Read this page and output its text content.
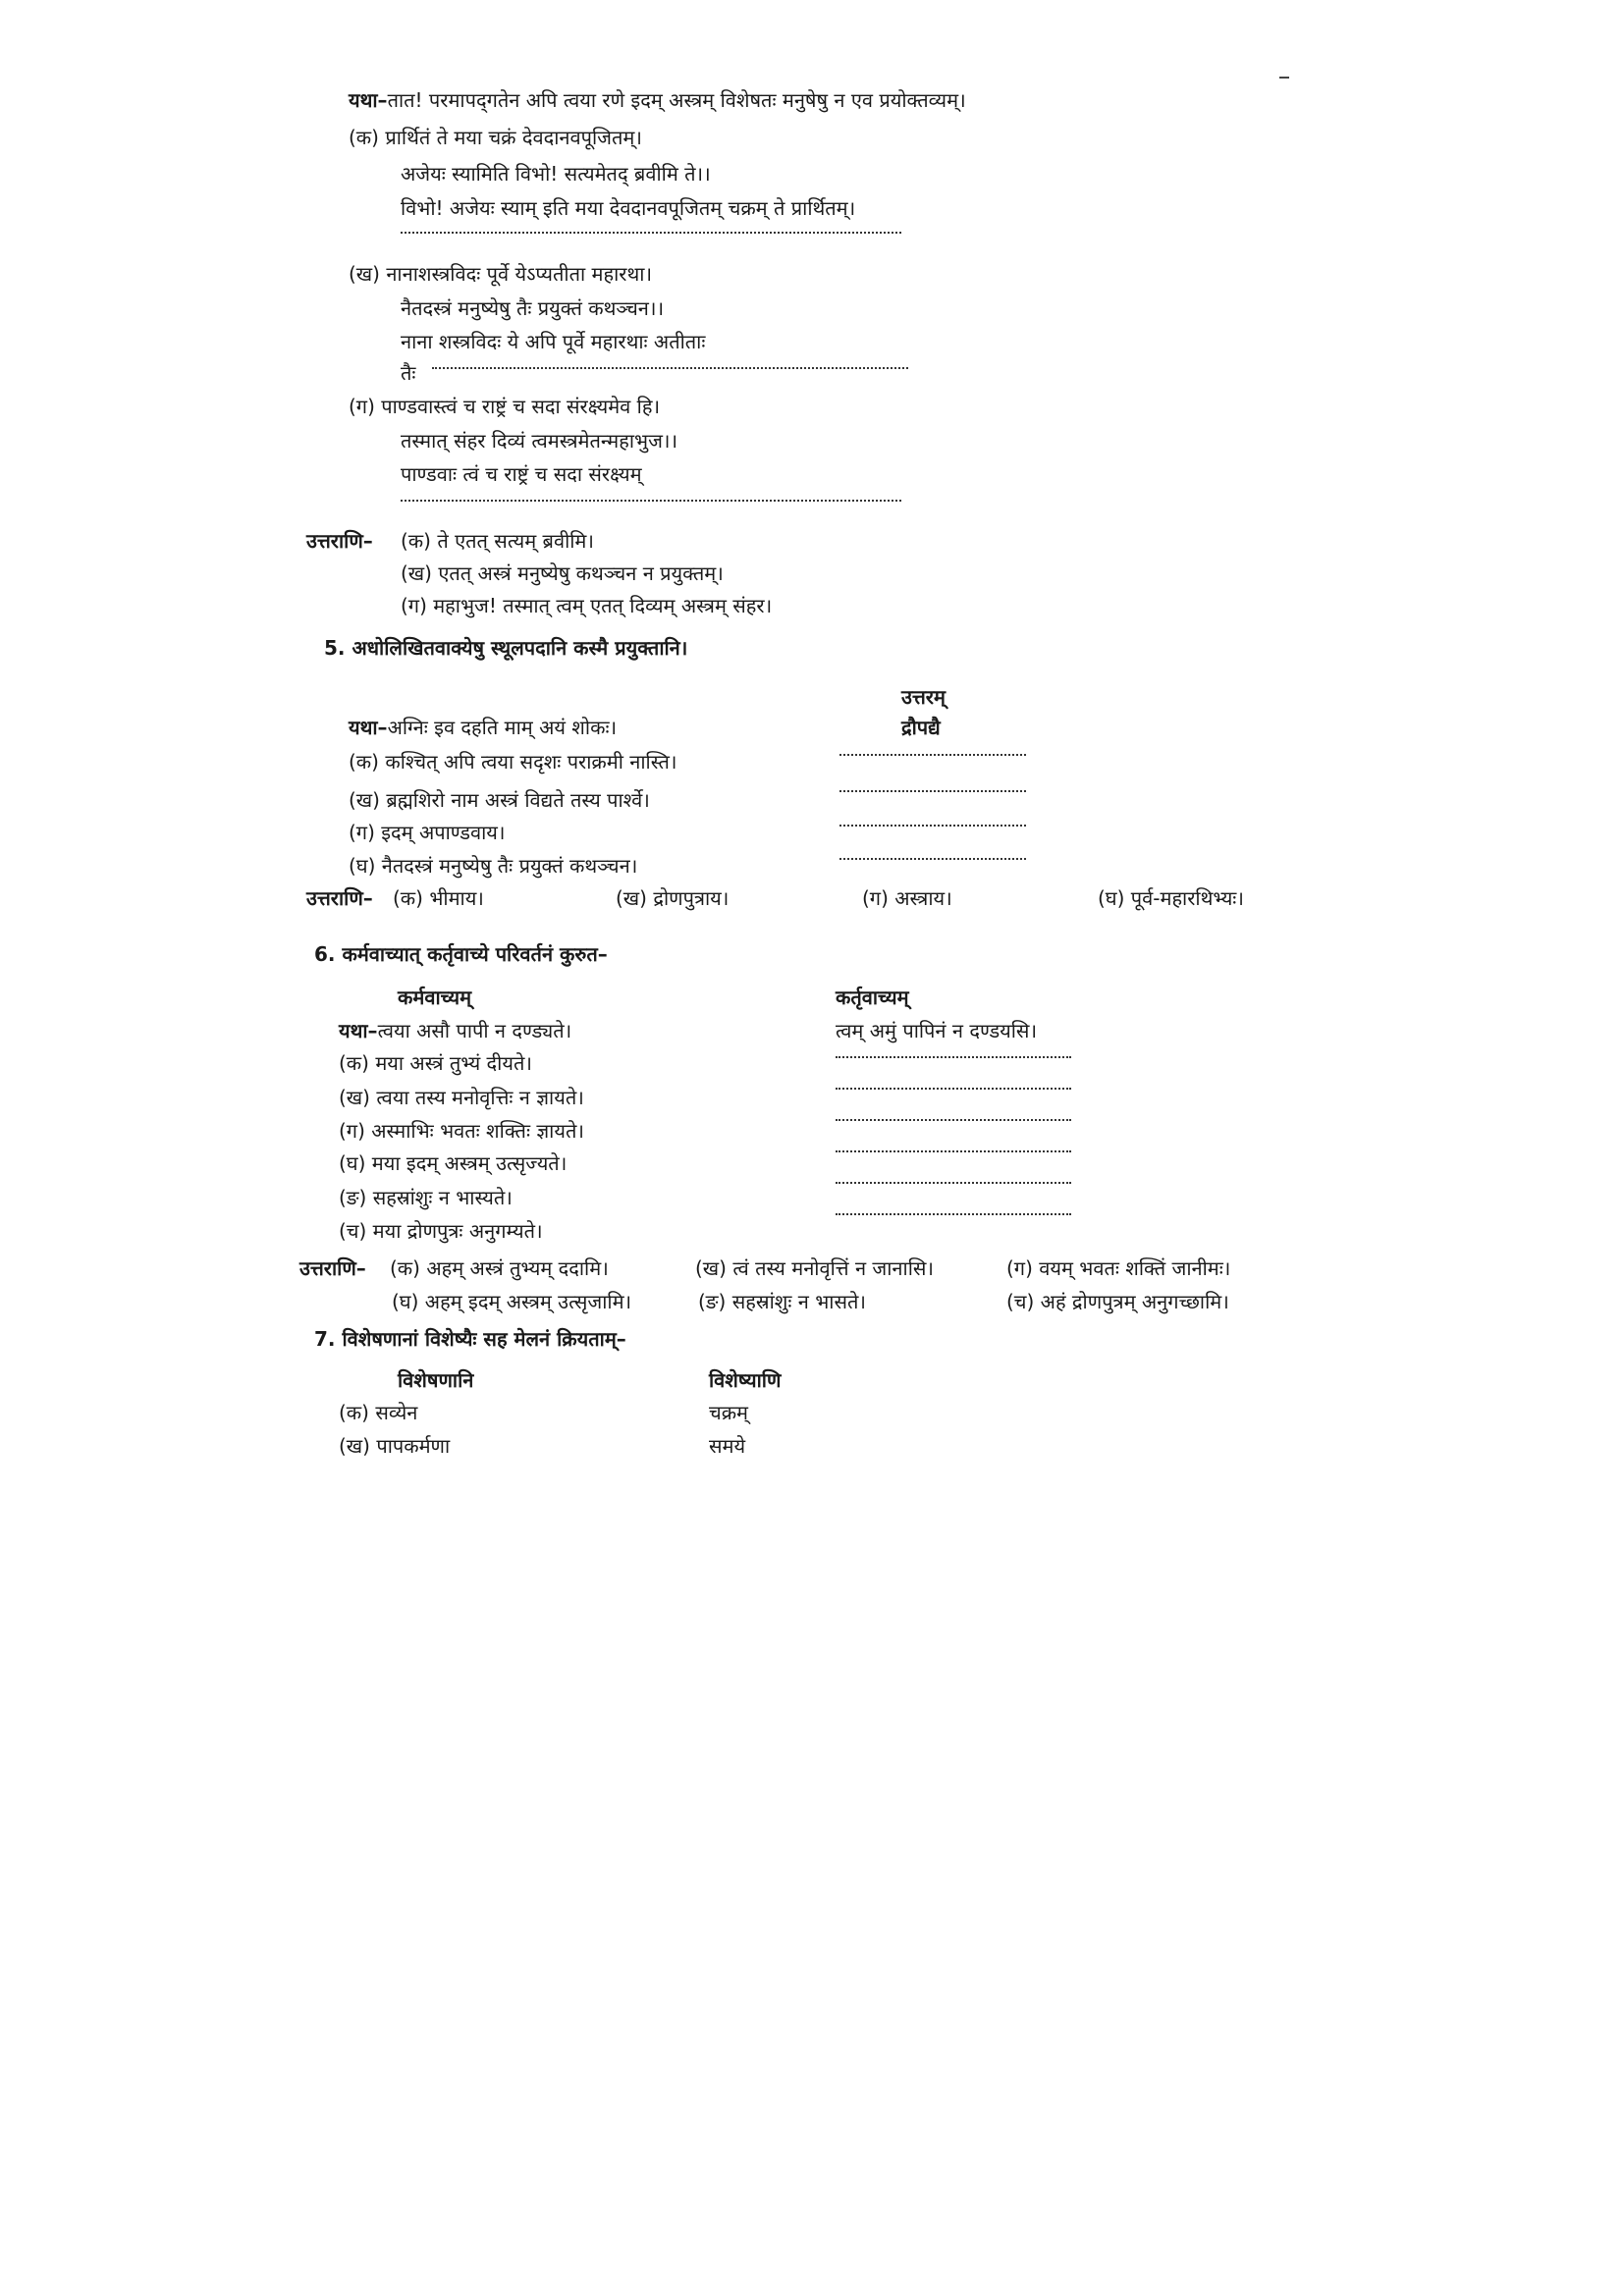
यथा–तात! परमापद्‌गतेन अपि त्वया रणे इदम् अस्त्रम् विशेषतः मनुषेषु न एव प्रयोक्तव्यम्।
(क) प्रार्थितं ते मया चक्रं देवदानवपूजितम्।
अजेयः स्यामिति विभो! सत्यमेतद् ब्रवीमि ते।।
विभो! अजेयः स्याम् इति मया देवदानवपूजितम् चक्रम् ते प्रार्थितम्।
(ख) नानाशस्त्रविदः पूर्वे येऽप्यतीता महारथा।
नैतदस्त्रं मनुष्येषु तैः प्रयुक्तं कथञ्चन।।
नाना शस्त्रविदः ये अपि पूर्वे महारथाः अतीताः
तैः
(ग) पाण्डवास्त्वं च राष्ट्रं च सदा संरक्ष्यमेव हि।
तस्मात् संहर दिव्यं त्वमस्त्रमेतन्महाभुज।।
पाण्डवाः त्वं च राष्ट्रं च सदा संरक्ष्यम्
उत्तराणि– (क) ते एतत् सत्यम् ब्रवीमि।
(ख) एतत् अस्त्रं मनुष्येषु कथञ्चन न प्रयुक्तम्।
(ग) महाभुज! तस्मात् त्वम् एतत् दिव्यम् अस्त्रम् संहर।
5. अधोलिखितवाक्येषु स्थूलपदानि कस्मै प्रयुक्तानि।
उत्तरम्
यथा–अग्निः इव दहति माम् अयं शोकः।	द्रौपद्यै
(क) कश्चित् अपि त्वया सदृशः पराक्रमी नास्ति।
(ख) ब्रह्मशिरो नाम अस्त्रं विद्यते तस्य पार्श्वे।
(ग) इदम् अपाण्डवाय।
(घ) नैतदस्त्रं मनुष्येषु तैः प्रयुक्तं कथञ्चन।
उत्तराणि– (क) भीमाय।	(ख) द्रोणपुत्राय।	(ग) अस्त्राय।	(घ) पूर्व-महारथिभ्यः।
6. कर्मवाच्यात् कर्तृवाच्ये परिवर्तनं कुरुत–
कर्मवाच्यम्	कर्तृवाच्यम्
यथा–त्वया असौ पापी न दण्ड्यते।	त्वम् अमुं पापिनं न दण्डयसि।
(क) मया अस्त्रं तुभ्यं दीयते।
(ख) त्वया तस्य मनोवृत्तिः न ज्ञायते।
(ग) अस्माभिः भवतः शक्तिः ज्ञायते।
(घ) मया इदम् अस्त्रम् उत्सृज्यते।
(ङ) सहस्रांशुः न भास्यते।
(च) मया द्रोणपुत्रः अनुगम्यते।
उत्तराणि– (क) अहम् अस्त्रं तुभ्यम् ददामि।	(ख) त्वं तस्य मनोवृत्तिं न जानासि।	(ग) वयम् भवतः शक्तिं जानीमः।
(घ) अहम् इदम् अस्त्रम् उत्सृजामि।	(ङ) सहस्रांशुः न भासते।	(च) अहं द्रोणपुत्रम् अनुगच्छामि।
7. विशेषणानां विशेष्यैः सह मेलनं क्रियताम्–
विशेषणानि	विशेष्याणि
(क) सव्येन	चक्रम्
(ख) पापकर्मणा	समये
